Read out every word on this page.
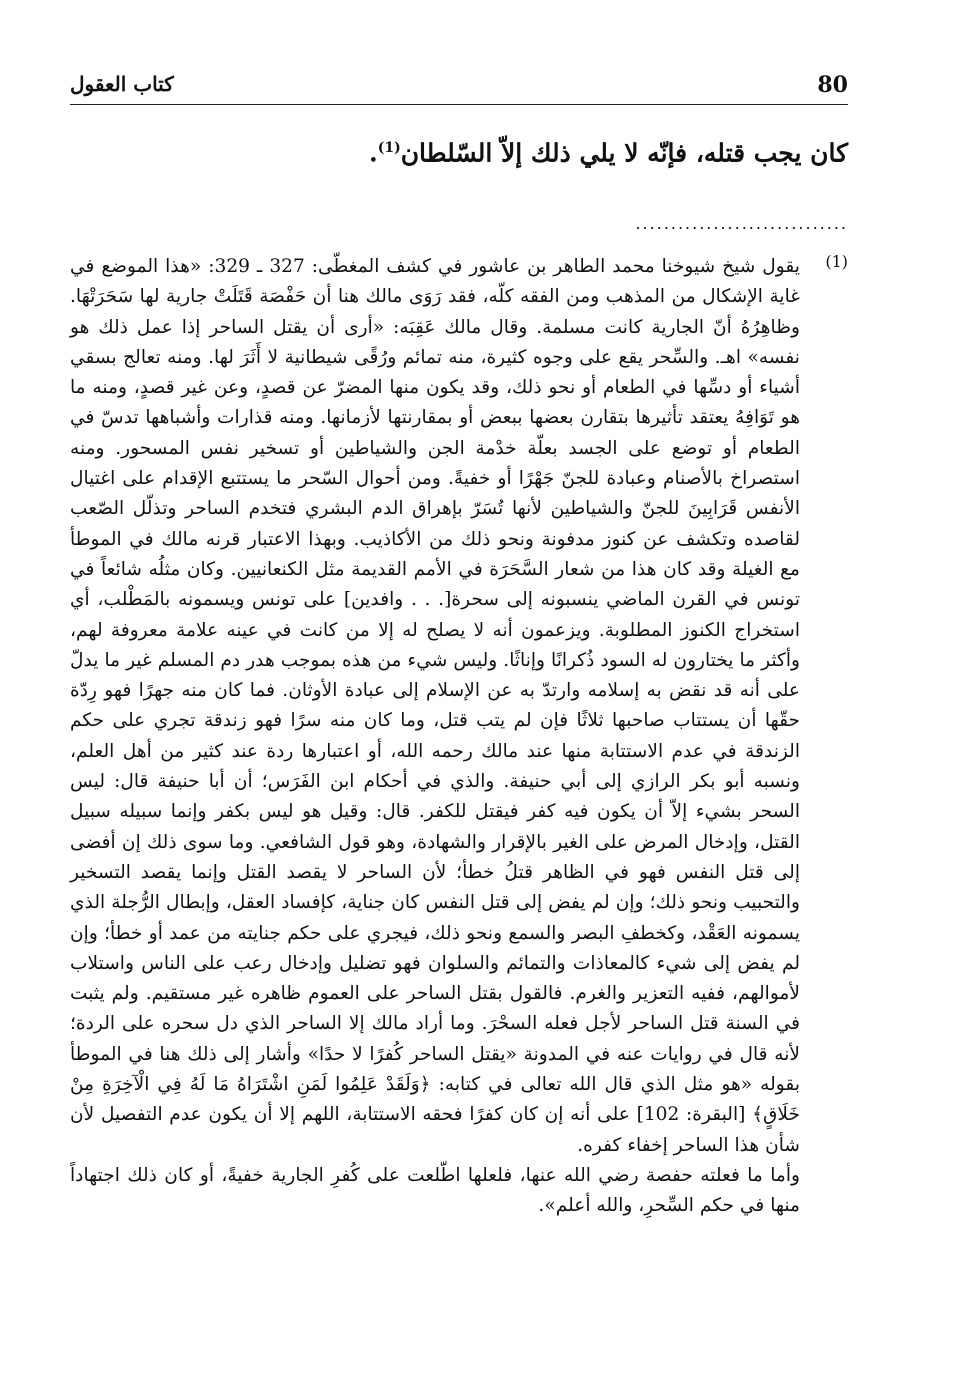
80
كتاب العقول
كان يجب قتله، فإنّه لا يلي ذلك إلاّ السّلطان$^{(1)}$.
..............................
(1)

يقول شيخ شيوخنا محمد الطاهر بن عاشور في كشف المغطّى: 327 ـ 329: «هذا الموضع في غاية الإشكال من المذهب ومن الفقه كلّه، فقد رَوَى مالك هنا أن حَفْصَة قَتَلَتْ جارية لها سَحَرَتْهَا. وظاهِرُهُ أنّ الجارية كانت مسلمة. وقال مالك عَقِبَه: «أرى أن يقتل الساحر إذا عمل ذلك هو نفسه» اهـ. والسِّحر يقع على وجوه كثيرة، منه تمائم ورُقًى شيطانية لا أَثَرَ لها. ومنه تعالج بسقي أشياء أو دسِّها في الطعام أو نحو ذلك، وقد يكون منها المضرّ عن قصدٍ، وعن غير قصدٍ، ومنه ما هو تَوَافِهُ يعتقد تأثيرها بتقارن بعضها ببعض أو بمقارنتها لأزمانها. ومنه قذارات وأشباهها تدسّ في الطعام أو توضع على الجسد بعلّة خدْمة الجن والشياطين أو تسخير نفس المسحور. ومنه استصراخ بالأصنام وعبادة للجنّ جَهْرًا أو خفيةً. ومن أحوال السّحر ما يستتبع الإقدام على اغتيال الأنفس قَرَابِينَ للجنّ والشياطين لأنها تُسَرّ بإهراق الدم البشري فتخدم الساحر وتذلّل الصّعب لقاصده وتكشف عن كنوز مدفونة ونحو ذلك من الأكاذيب. وبهذا الاعتبار قرنه مالك في الموطأ مع الغيلة وقد كان هذا من شعار السَّحَرَة في الأمم القديمة مثل الكنعانيين. وكان مثلُه شائعاً في تونس في القرن الماضي ينسبونه إلى سحرة[. . . وافدين] على تونس ويسمونه بالمَطْلب، أي استخراج الكنوز المطلوبة. ويزعمون أنه لا يصلح له إلا من كانت في عينه علامة معروفة لهم، وأكثر ما يختارون له السود ذُكرانًا وإناثًا. وليس شيء من هذه بموجب هدر دم المسلم غير ما يدلّ على أنه قد نقض به إسلامه وارتدّ به عن الإسلام إلى عبادة الأوثان. فما كان منه جهرًا فهو رِدّة حقّها أن يستتاب صاحبها ثلاثًا فإن لم يتب قتل، وما كان منه سرًا فهو زندقة تجري على حكم الزندقة في عدم الاستتابة منها عند مالك رحمه الله، أو اعتبارها ردة عند كثير من أهل العلم، ونسبه أبو بكر الرازي إلى أبي حنيفة. والذي في أحكام ابن الفَرَس؛ أن أبا حنيفة قال: ليس السحر بشيء إلاّ أن يكون فيه كفر فيقتل للكفر. قال: وقيل هو ليس بكفر وإنما سبيله سبيل القتل، وإدخال المرض على الغير بالإقرار والشهادة، وهو قول الشافعي. وما سوى ذلك إن أفضى إلى قتل النفس فهو في الظاهر قتلُ خطأ؛ لأن الساحر لا يقصد القتل وإنما يقصد التسخير والتحبيب ونحو ذلك؛ وإن لم يفض إلى قتل النفس كان جناية، كإفساد العقل، وإبطال الرُّجلة الذي يسمونه العَقْد، وكخطفِ البصر والسمع ونحو ذلك، فيجري على حكم جنايته من عمد أو خطأ؛ وإن لم يفض إلى شيء كالمعاذات والتمائم والسلوان فهو تضليل وإدخال رعب على الناس واستلاب لأموالهم، ففيه التعزير والغرم. فالقول بقتل الساحر على العموم ظاهره غير مستقيم. ولم يثبت في السنة قتل الساحر لأجل فعله السحْرَ. وما أراد مالك إلا الساحر الذي دل سحره على الردة؛ لأنه قال في روايات عنه في المدونة «يقتل الساحر كُفرًا لا حدًا» وأشار إلى ذلك هنا في الموطأ بقوله «هو مثل الذي قال الله تعالى في كتابه: ﴿وَلَقَدْ عَلِمُوا لَمَنِ اشْتَرَاهُ مَا لَهُ فِي الْآخِرَةِ مِنْ خَلَاقٍ﴾ [البقرة: 102] على أنه إن كان كفرًا فحقه الاستتابة، اللهم إلا أن يكون عدم التفصيل لأن شأن هذا الساحر إخفاء كفره.

وأما ما فعلته حفصة رضي الله عنها، فلعلها اطّلعت على كُفرِ الجارية خفيةً، أو كان ذلك اجتهاداً منها في حكم السِّحرِ، والله أعلم».
